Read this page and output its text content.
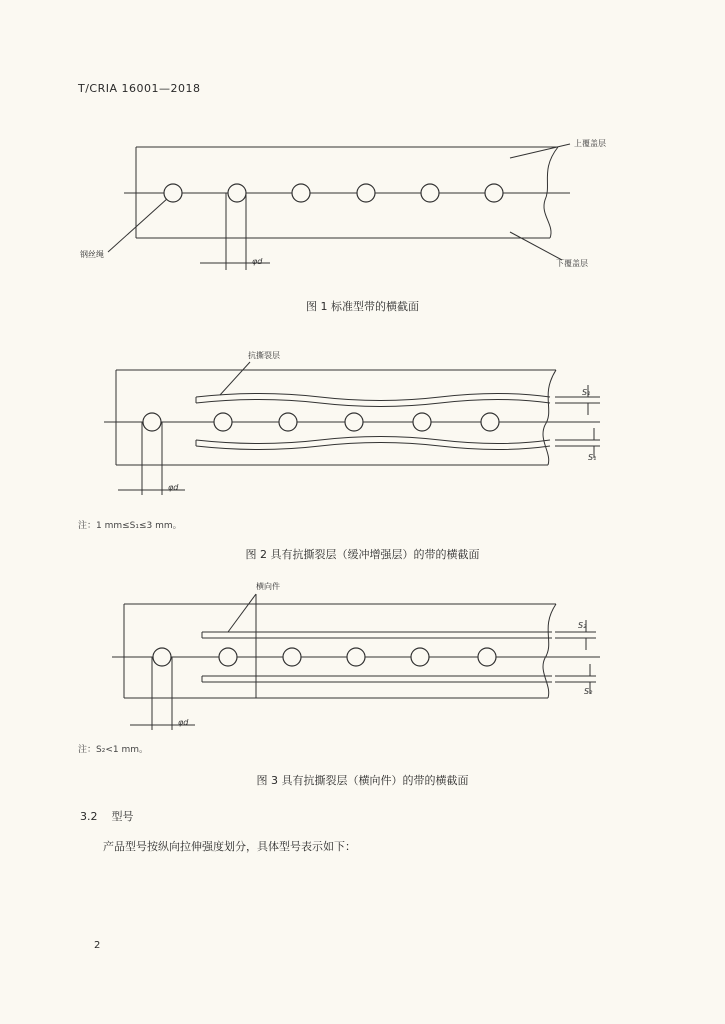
T/CRIA 16001—2018
上覆盖层
下覆盖层
钢丝绳
φd
图 1 标准型带的横截面
抗撕裂层
S₁
S₁
φd
注：1 mm≤S₁≤3 mm。
图 2 具有抗撕裂层（缓冲增强层）的带的横截面
横向件
S₂
S₂
φd
注：S₂<1 mm。
图 3 具有抗撕裂层（横向件）的带的横截面
3.2 型号
产品型号按纵向拉伸强度划分，具体型号表示如下：
2
